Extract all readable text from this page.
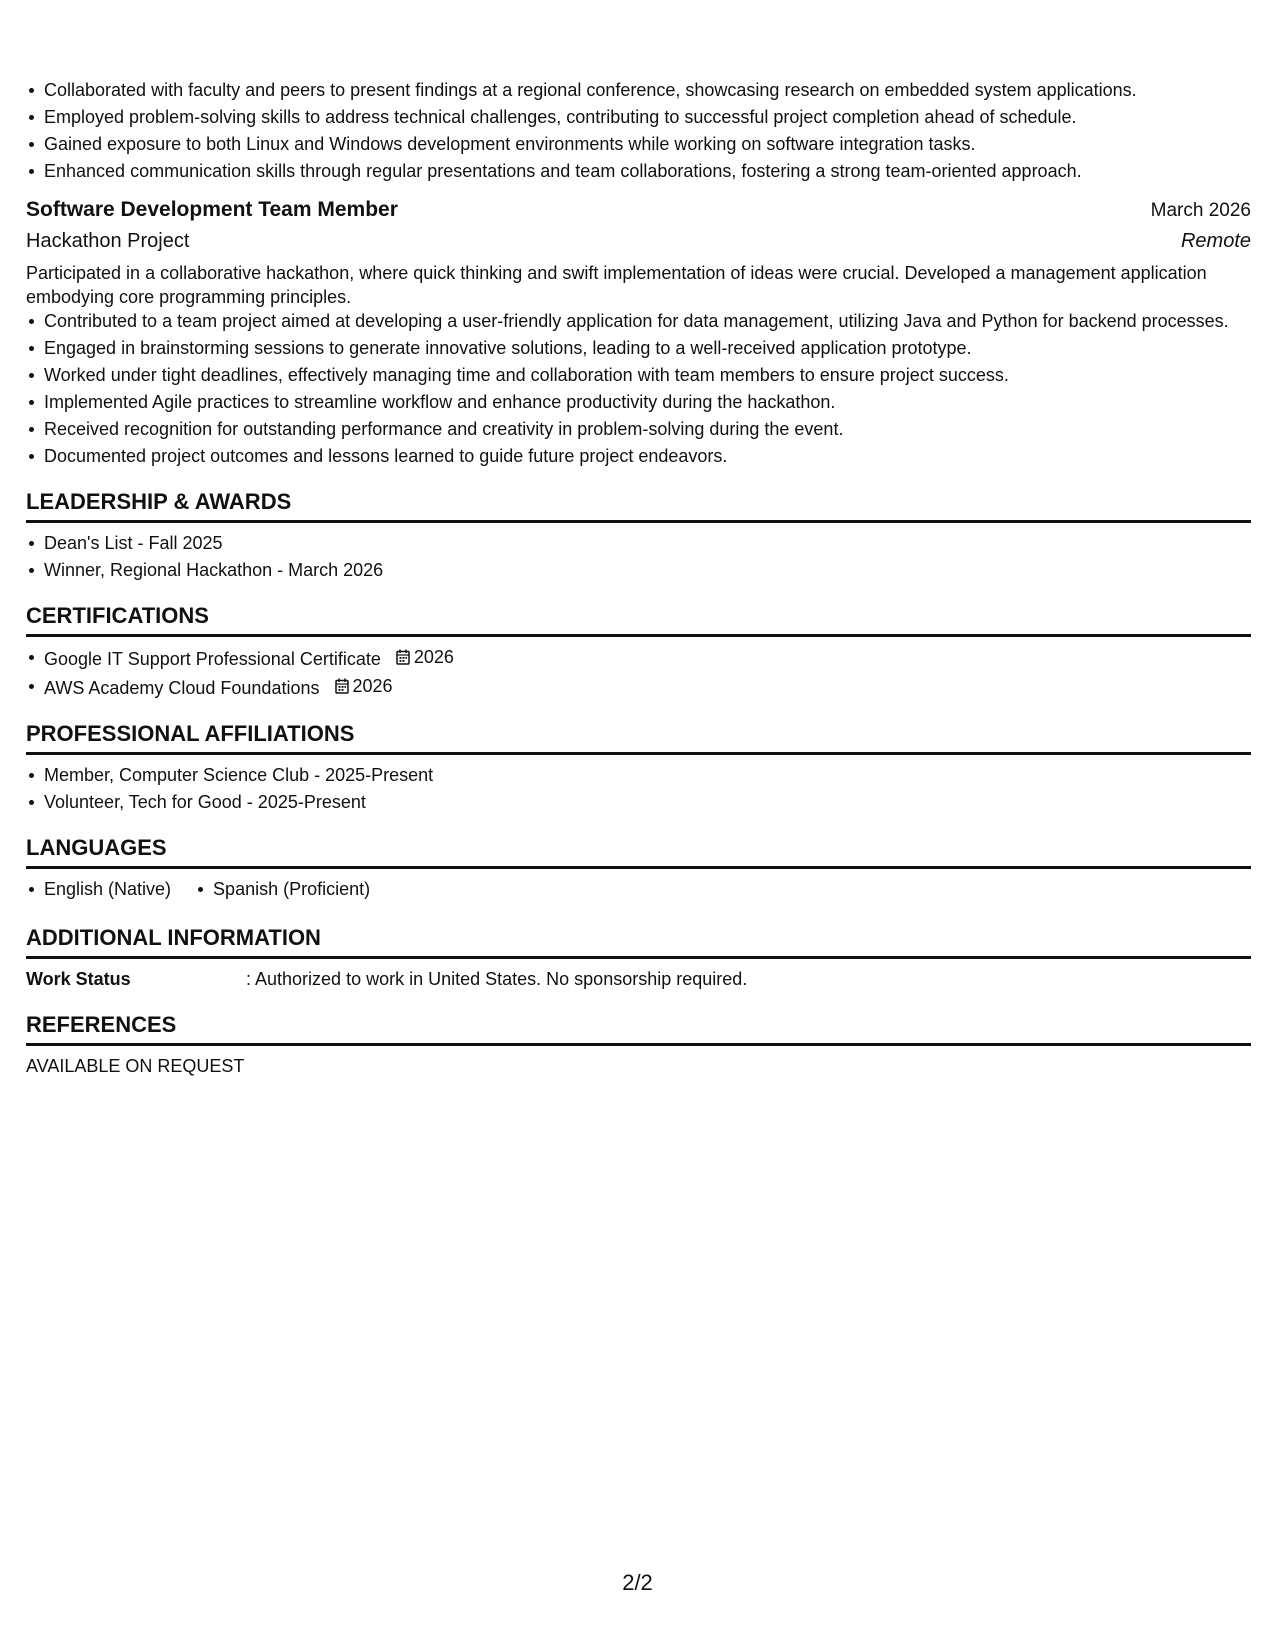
Collaborated with faculty and peers to present findings at a regional conference, showcasing research on embedded system applications.
Employed problem-solving skills to address technical challenges, contributing to successful project completion ahead of schedule.
Gained exposure to both Linux and Windows development environments while working on software integration tasks.
Enhanced communication skills through regular presentations and team collaborations, fostering a strong team-oriented approach.
Software Development Team Member	March 2026
Hackathon Project	Remote
Participated in a collaborative hackathon, where quick thinking and swift implementation of ideas were crucial. Developed a management application embodying core programming principles.
Contributed to a team project aimed at developing a user-friendly application for data management, utilizing Java and Python for backend processes.
Engaged in brainstorming sessions to generate innovative solutions, leading to a well-received application prototype.
Worked under tight deadlines, effectively managing time and collaboration with team members to ensure project success.
Implemented Agile practices to streamline workflow and enhance productivity during the hackathon.
Received recognition for outstanding performance and creativity in problem-solving during the event.
Documented project outcomes and lessons learned to guide future project endeavors.
LEADERSHIP & AWARDS
Dean's List - Fall 2025
Winner, Regional Hackathon - March 2026
CERTIFICATIONS
Google IT Support Professional Certificate 2026
AWS Academy Cloud Foundations 2026
PROFESSIONAL AFFILIATIONS
Member, Computer Science Club - 2025-Present
Volunteer, Tech for Good - 2025-Present
LANGUAGES
English (Native)	Spanish (Proficient)
ADDITIONAL INFORMATION
Work Status	: Authorized to work in United States. No sponsorship required.
REFERENCES
AVAILABLE ON REQUEST
2/2
